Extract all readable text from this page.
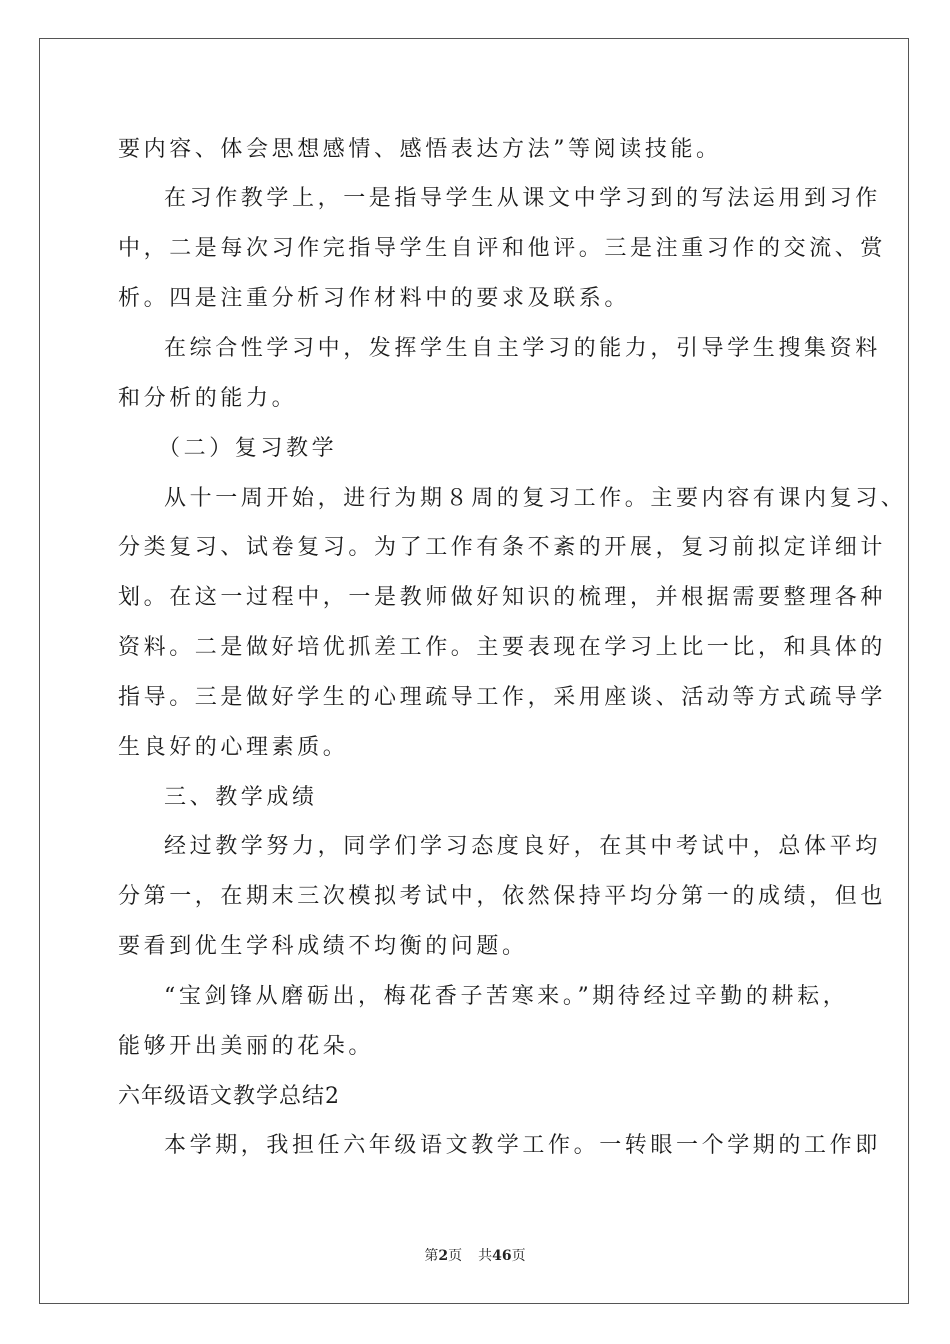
要内容、体会思想感情、感悟表达方法”等阅读技能。
在习作教学上，一是指导学生从课文中学习到的写法运用到习作
中，二是每次习作完指导学生自评和他评。三是注重习作的交流、赏
析。四是注重分析习作材料中的要求及联系。
在综合性学习中，发挥学生自主学习的能力，引导学生搜集资料
和分析的能力。
（二）复习教学
从十一周开始，进行为期８周的复习工作。主要内容有课内复习、
分类复习、试卷复习。为了工作有条不紊的开展，复习前拟定详细计
划。在这一过程中，一是教师做好知识的梳理，并根据需要整理各种
资料。二是做好培优抓差工作。主要表现在学习上比一比，和具体的
指导。三是做好学生的心理疏导工作，采用座谈、活动等方式疏导学
生良好的心理素质。
三、教学成绩
经过教学努力，同学们学习态度良好，在其中考试中，总体平均
分第一，在期末三次模拟考试中，依然保持平均分第一的成绩，但也
要看到优生学科成绩不均衡的问题。
“宝剑锋从磨砺出，梅花香子苦寒来。”期待经过辛勤的耕耘，
能够开出美丽的花朵。
六年级语文教学总结2
本学期，我担任六年级语文教学工作。一转眼一个学期的工作即
第2页 共46页
